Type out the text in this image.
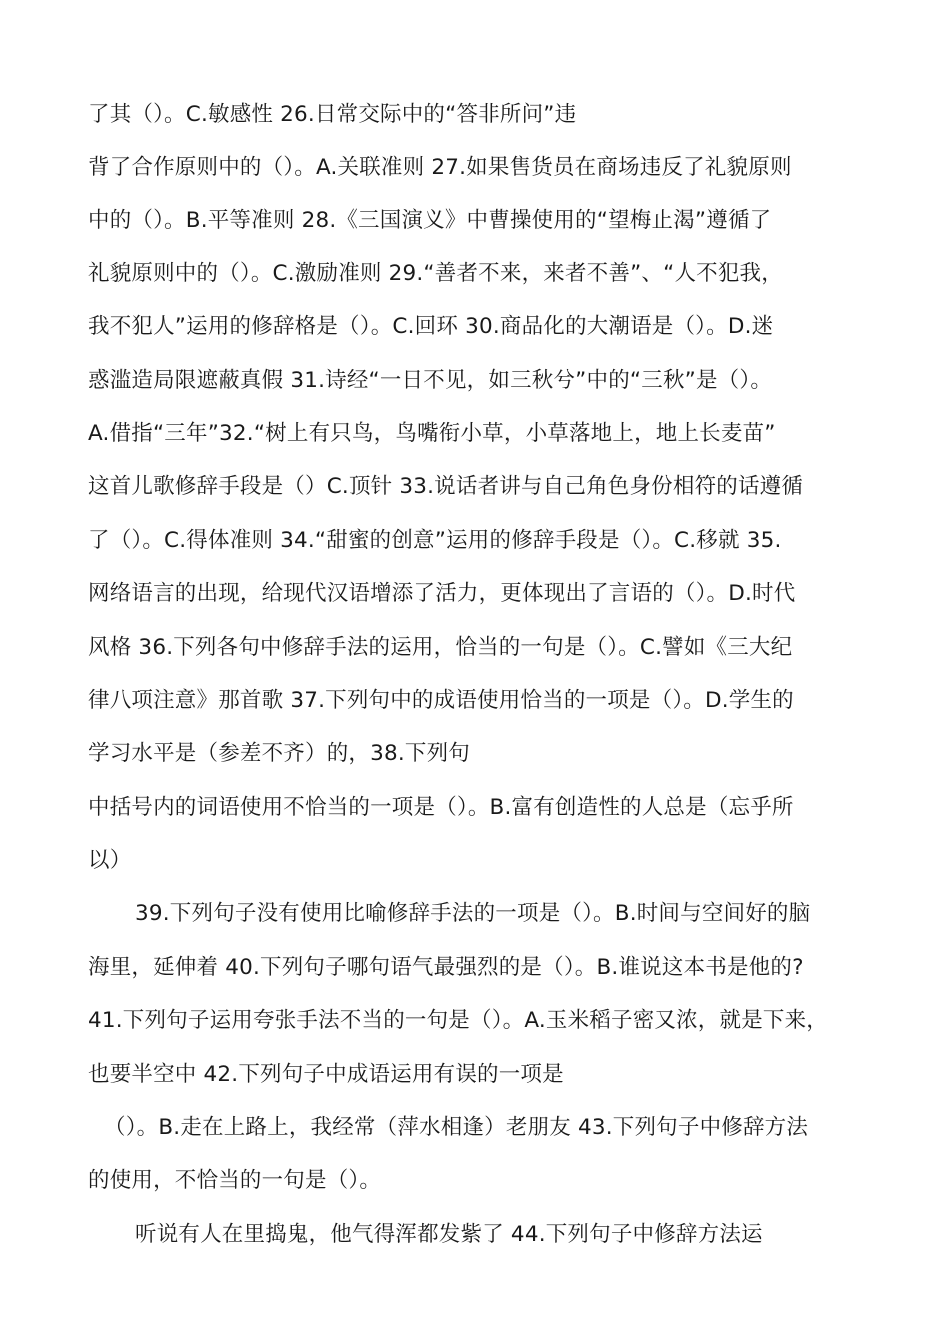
了其（）。C.敏感性 26.日常交际中的“答非所问”违
背了合作原则中的（）。A.关联准则 27.如果售货员在商场违反了礼貌原则
中的（）。B.平等准则 28.《三国演义》中曹操使用的“望梅止渴”遵循了
礼貌原则中的（）。C.激励准则 29.“善者不来，来者不善”、“人不犯我，
我不犯人”运用的修辞格是（）。C.回环 30.商品化的大潮语是（）。D.迷
惑滥造局限遮蔽真假 31.诗经“一日不见，如三秋兮”中的“三秋”是（）。
A.借指“三年”32.“树上有只鸟，鸟嘴衔小草，小草落地上，地上长麦苗”
这首儿歌修辞手段是（）C.顶针 33.说话者讲与自己角色身份相符的话遵循
了（）。C.得体准则 34.“甜蜜的创意”运用的修辞手段是（）。C.移就 35.
网络语言的出现，给现代汉语增添了活力，更体现出了言语的（）。D.时代
风格 36.下列各句中修辞手法的运用，恰当的一句是（）。C.譬如《三大纪
律八项注意》那首歌 37.下列句中的成语使用恰当的一项是（）。D.学生的
学习水平是（参差不齐）的，38.下列句
中括号内的词语使用不恰当的一项是（）。B.富有创造性的人总是（忘乎所
以）
39.下列句子没有使用比喻修辞手法的一项是（）。B.时间与空间好的脑
海里，延伸着 40.下列句子哪句语气最强烈的是（）。B.谁说这本书是他的?
41.下列句子运用夸张手法不当的一句是（）。A.玉米稻子密又浓，就是下来，
也要半空中 42.下列句子中成语运用有误的一项是
（）。B.走在上路上，我经常（萍水相逢）老朋友 43.下列句子中修辞方法
的使用，不恰当的一句是（）。
听说有人在里捣鬼，他气得浑都发紫了 44.下列句子中修辞方法运
